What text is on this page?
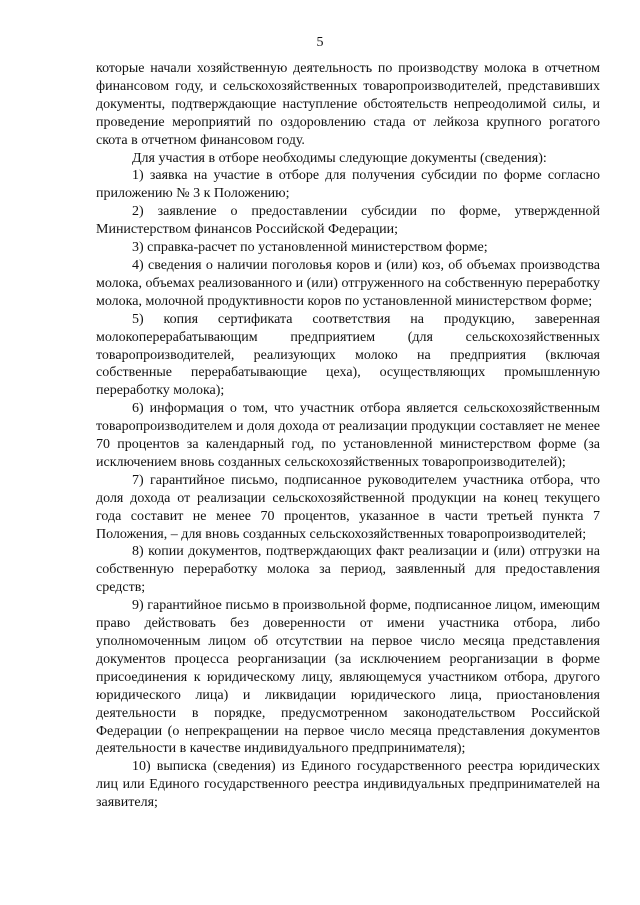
5

которые начали хозяйственную деятельность по производству молока в отчетном финансовом году, и сельскохозяйственных товаропроизводителей, представивших документы, подтверждающие наступление обстоятельств непреодолимой силы, и проведение мероприятий по оздоровлению стада от лейкоза крупного рогатого скота в отчетном финансовом году.

Для участия в отборе необходимы следующие документы (сведения):

1) заявка на участие в отборе для получения субсидии по форме согласно приложению № 3 к Положению;

2) заявление о предоставлении субсидии по форме, утвержденной Министерством финансов Российской Федерации;

3) справка-расчет по установленной министерством форме;

4) сведения о наличии поголовья коров и (или) коз, об объемах производства молока, объемах реализованного и (или) отгруженного на собственную переработку молока, молочной продуктивности коров по установленной министерством форме;

5) копия сертификата соответствия на продукцию, заверенная молокоперерабатывающим предприятием (для сельскохозяйственных товаропроизводителей, реализующих молоко на предприятия (включая собственные перерабатывающие цеха), осуществляющих промышленную переработку молока);

6) информация о том, что участник отбора является сельскохозяйственным товаропроизводителем и доля дохода от реализации продукции составляет не менее 70 процентов за календарный год, по установленной министерством форме (за исключением вновь созданных сельскохозяйственных товаропроизводителей);

7) гарантийное письмо, подписанное руководителем участника отбора, что доля дохода от реализации сельскохозяйственной продукции на конец текущего года составит не менее 70 процентов, указанное в части третьей пункта 7 Положения, – для вновь созданных сельскохозяйственных товаропроизводителей;

8) копии документов, подтверждающих факт реализации и (или) отгрузки на собственную переработку молока за период, заявленный для предоставления средств;

9) гарантийное письмо в произвольной форме, подписанное лицом, имеющим право действовать без доверенности от имени участника отбора, либо уполномоченным лицом об отсутствии на первое число месяца представления документов процесса реорганизации (за исключением реорганизации в форме присоединения к юридическому лицу, являющемуся участником отбора, другого юридического лица) и ликвидации юридического лица, приостановления деятельности в порядке, предусмотренном законодательством Российской Федерации (о непрекращении на первое число месяца представления документов деятельности в качестве индивидуального предпринимателя);

10) выписка (сведения) из Единого государственного реестра юридических лиц или Единого государственного реестра индивидуальных предпринимателей на заявителя;
